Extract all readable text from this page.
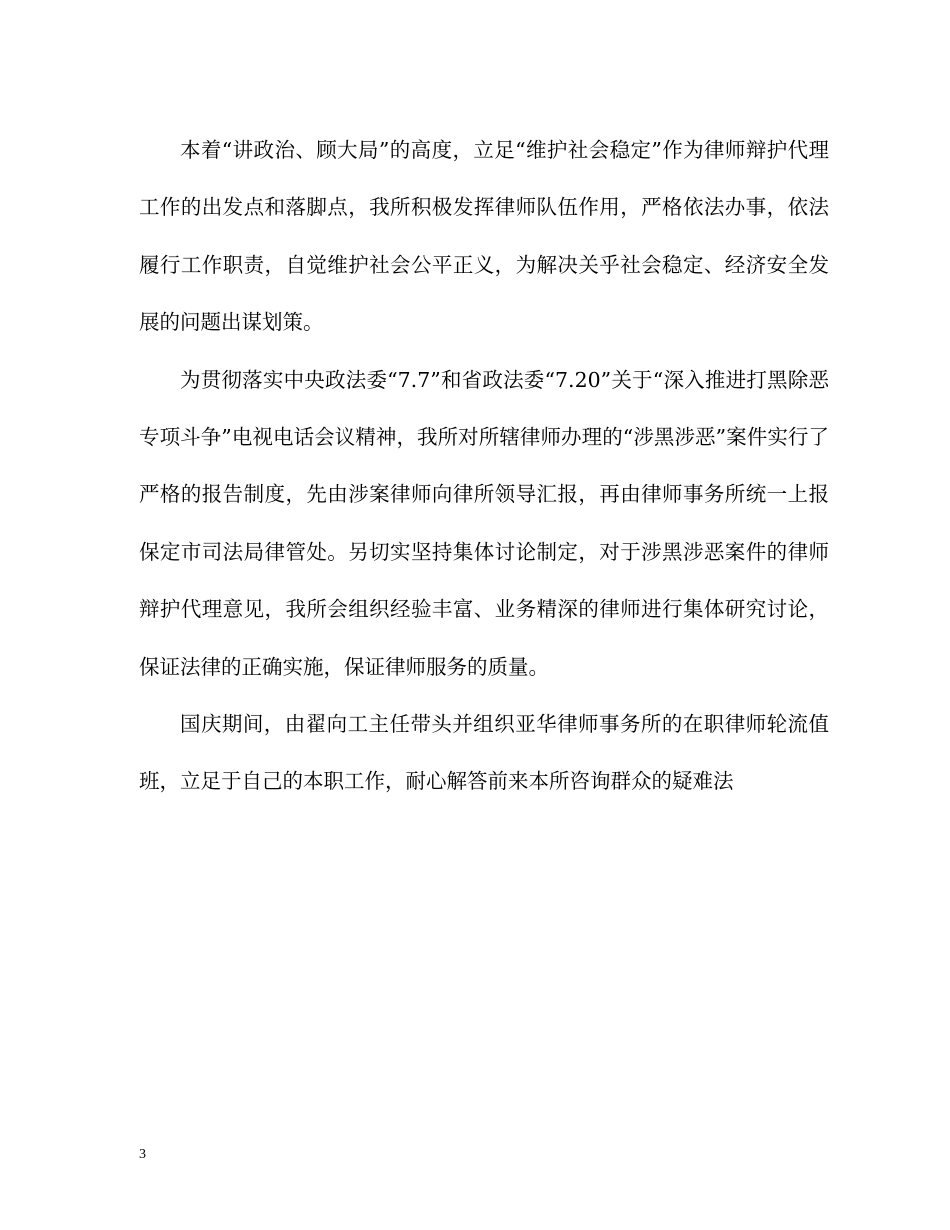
本着“讲政治、顾大局”的高度，立足“维护社会稳定”作为律师辩护代理工作的出发点和落脚点，我所积极发挥律师队伍作用，严格依法办事，依法履行工作职责，自觉维护社会公平正义，为解决关乎社会稳定、经济安全发展的问题出谋划策。

为贯彻落实中央政法委“7.7”和省政法委“7.20”关于“深入推进打黑除恶专项斗争”电视电话会议精神，我所对所辖律师办理的“涉黑涉恶”案件实行了严格的报告制度，先由涉案律师向律所领导汇报，再由律师事务所统一上报保定市司法局律管处。另切实坚持集体讨论制定，对于涉黑涉恶案件的律师辩护代理意见，我所会组织经验丰富、业务精深的律师进行集体研究讨论，保证法律的正确实施，保证律师服务的质量。

国庆期间，由翟向工主任带头并组织亚华律师事务所的在职律师轮流值班，立足于自己的本职工作，耐心解答前来本所咨询群众的疑难法

3
